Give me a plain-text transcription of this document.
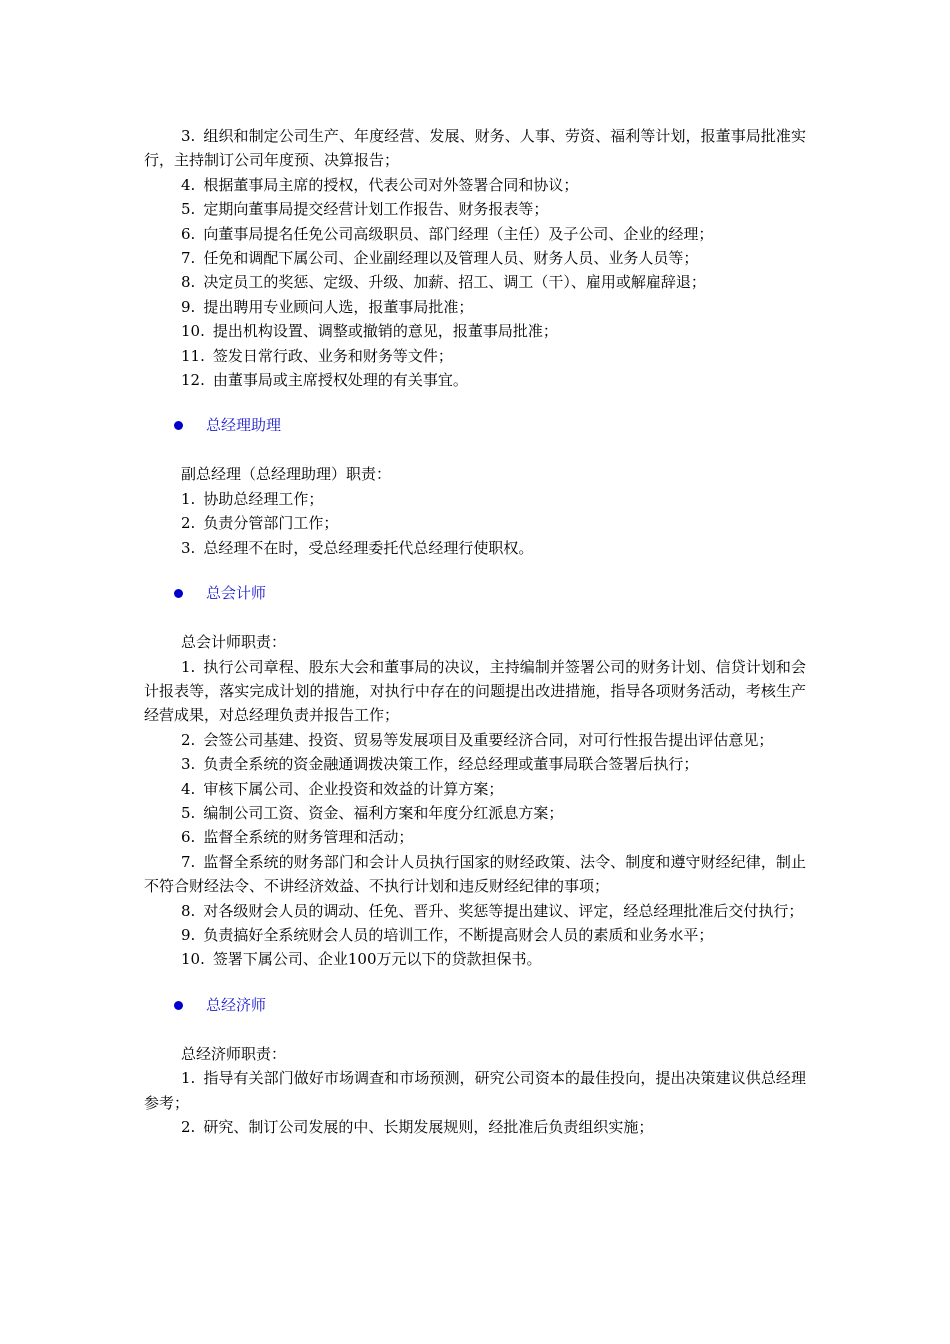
3. 组织和制定公司生产、年度经营、发展、财务、人事、劳资、福利等计划，报董事局批准实行，主持制订公司年度预、决算报告；

4. 根据董事局主席的授权，代表公司对外签署合同和协议；

5. 定期向董事局提交经营计划工作报告、财务报表等；

6. 向董事局提名任免公司高级职员、部门经理（主任）及子公司、企业的经理；

7. 任免和调配下属公司、企业副经理以及管理人员、财务人员、业务人员等；

8. 决定员工的奖惩、定级、升级、加薪、招工、调工（干）、雇用或解雇辞退；

9. 提出聘用专业顾问人选，报董事局批准；

10. 提出机构设置、调整或撤销的意见，报董事局批准；

11. 签发日常行政、业务和财务等文件；

12. 由董事局或主席授权处理的有关事宜。

总经理助理

副总经理（总经理助理）职责：

1. 协助总经理工作；

2. 负责分管部门工作；

3. 总经理不在时，受总经理委托代总经理行使职权。

总会计师

总会计师职责：

1. 执行公司章程、股东大会和董事局的决议，主持编制并签署公司的财务计划、信贷计划和会计报表等，落实完成计划的措施，对执行中存在的问题提出改进措施，指导各项财务活动，考核生产经营成果，对总经理负责并报告工作；

2. 会签公司基建、投资、贸易等发展项目及重要经济合同，对可行性报告提出评估意见；

3. 负责全系统的资金融通调拨决策工作，经总经理或董事局联合签署后执行；

4. 审核下属公司、企业投资和效益的计算方案；

5. 编制公司工资、资金、福利方案和年度分红派息方案；

6. 监督全系统的财务管理和活动；

7. 监督全系统的财务部门和会计人员执行国家的财经政策、法令、制度和遵守财经纪律，制止不符合财经法令、不讲经济效益、不执行计划和违反财经纪律的事项；

8. 对各级财会人员的调动、任免、晋升、奖惩等提出建议、评定，经总经理批准后交付执行；

9. 负责搞好全系统财会人员的培训工作，不断提高财会人员的素质和业务水平；

10. 签署下属公司、企业100万元以下的贷款担保书。

总经济师

总经济师职责：

1. 指导有关部门做好市场调查和市场预测，研究公司资本的最佳投向，提出决策建议供总经理参考；

2. 研究、制订公司发展的中、长期发展规则，经批准后负责组织实施；
